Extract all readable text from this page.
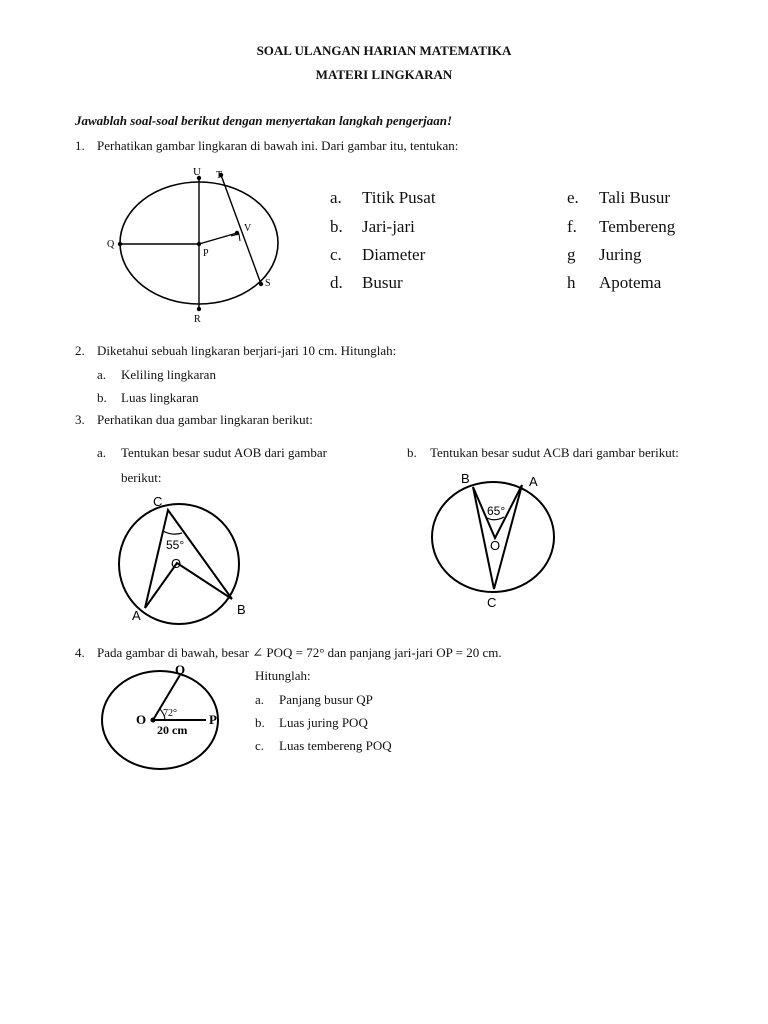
SOAL ULANGAN HARIAN MATEMATIKA
MATERI LINGKARAN
Jawablah soal-soal berikut dengan menyertakan langkah pengerjaan!
1. Perhatikan gambar lingkaran di bawah ini. Dari gambar itu, tentukan:
U T
V
Q
P
S
R
a. Titik Pusat
b. Jari-jari
c. Diameter
d. Busur
e. Tali Busur
f. Tembereng
g Juring
h Apotema
2. Diketahui sebuah lingkaran berjari-jari 10 cm. Hitunglah:
a. Keliling lingkaran
b. Luas lingkaran
3. Perhatikan dua gambar lingkaran berikut:
a. Tentukan besar sudut AOB dari gambar
berikut:
b. Tentukan besar sudut ACB dari gambar berikut:
C
55°
O
A	B
B	A
65°
O
C
4. Pada gambar di bawah, besar ∠ POQ = 72° dan panjang jari-jari OP = 20 cm.
Q
O	P
72°
20 cm
Hitunglah:
a. Panjang busur QP
b. Luas juring POQ
c. Luas tembereng POQ
